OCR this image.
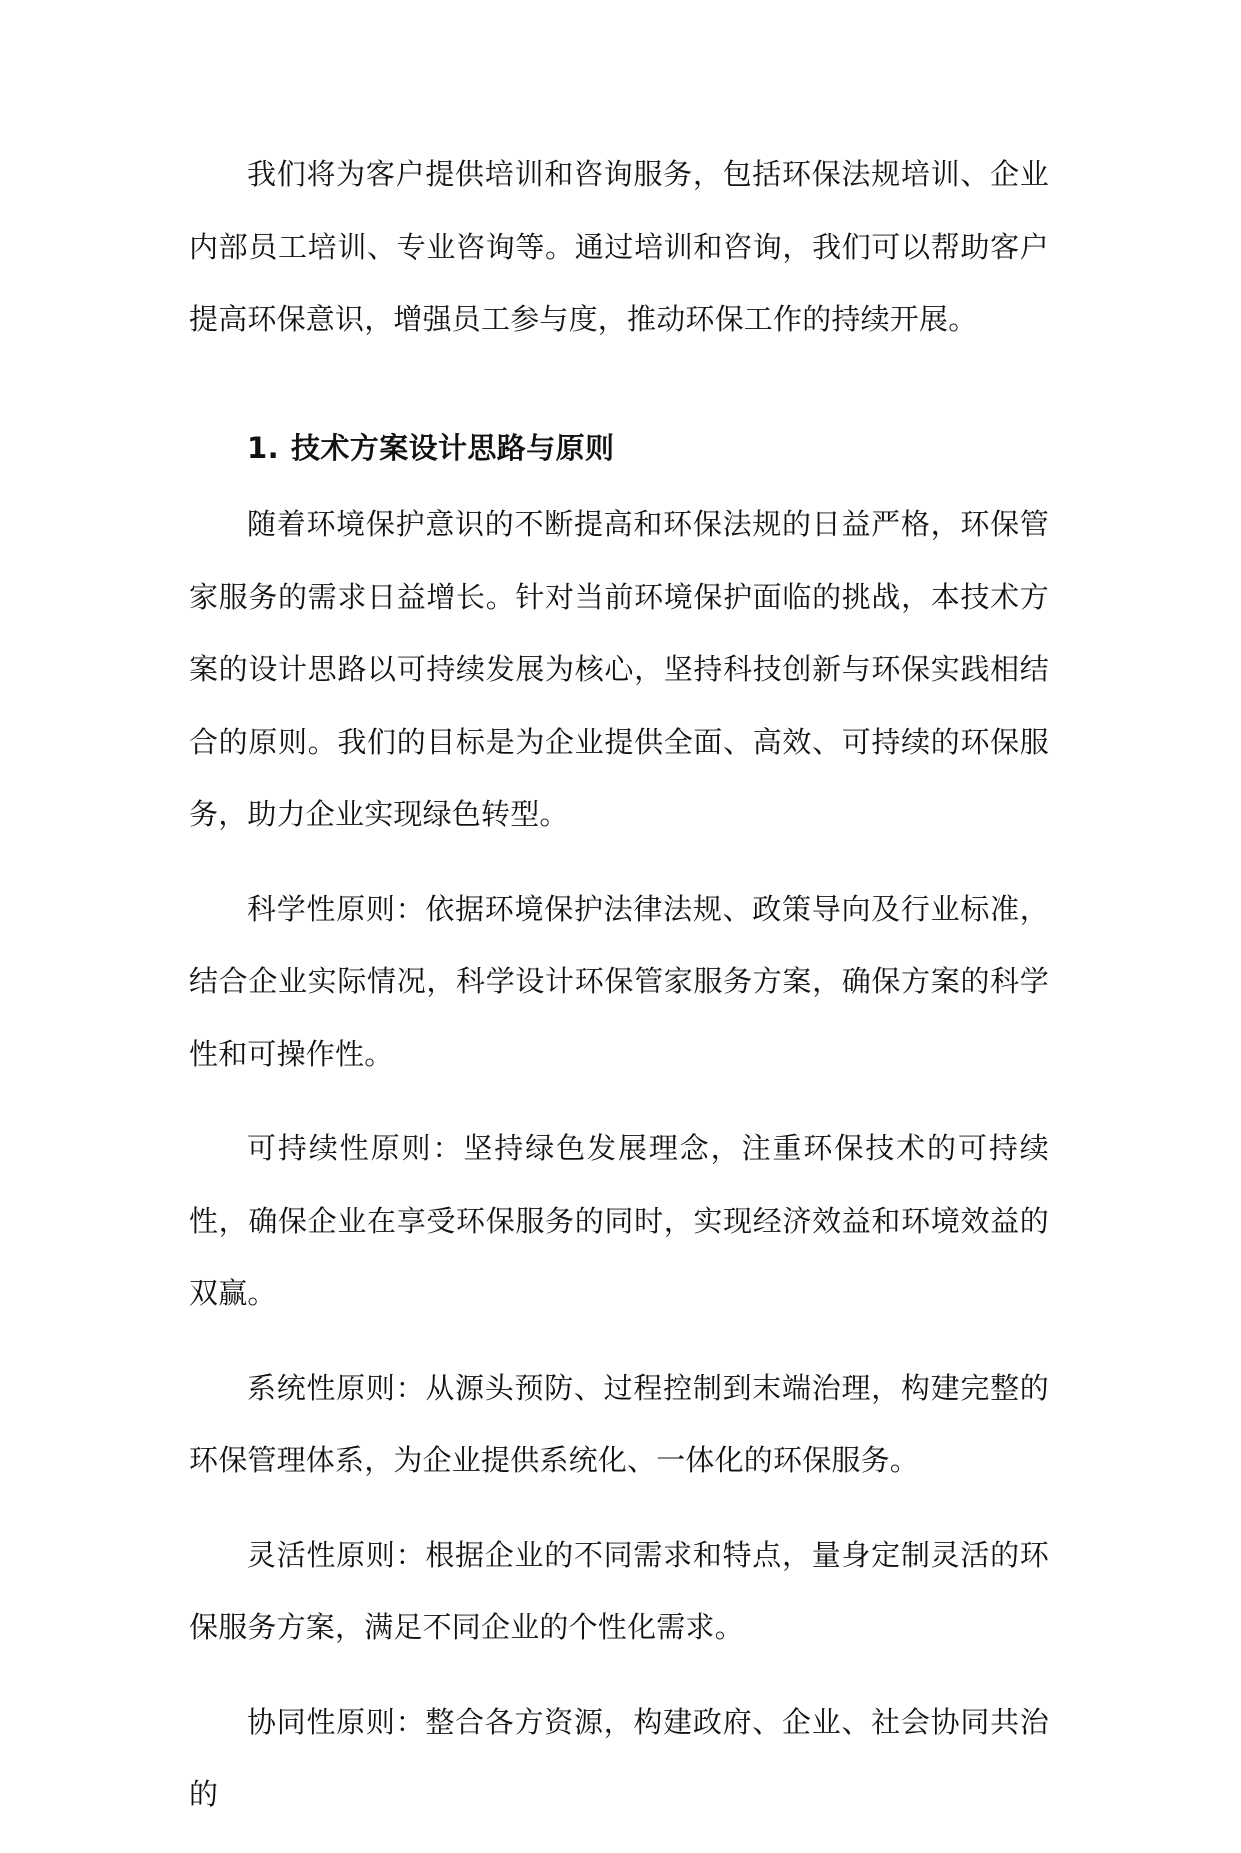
我们将为客户提供培训和咨询服务，包括环保法规培训、企业内部员工培训、专业咨询等。通过培训和咨询，我们可以帮助客户提高环保意识，增强员工参与度，推动环保工作的持续开展。

1. 技术方案设计思路与原则

随着环境保护意识的不断提高和环保法规的日益严格，环保管家服务的需求日益增长。针对当前环境保护面临的挑战，本技术方案的设计思路以可持续发展为核心，坚持科技创新与环保实践相结合的原则。我们的目标是为企业提供全面、高效、可持续的环保服务，助力企业实现绿色转型。

科学性原则：依据环境保护法律法规、政策导向及行业标准，结合企业实际情况，科学设计环保管家服务方案，确保方案的科学性和可操作性。

可持续性原则：坚持绿色发展理念，注重环保技术的可持续性，确保企业在享受环保服务的同时，实现经济效益和环境效益的双赢。

系统性原则：从源头预防、过程控制到末端治理，构建完整的环保管理体系，为企业提供系统化、一体化的环保服务。

灵活性原则：根据企业的不同需求和特点，量身定制灵活的环保服务方案，满足不同企业的个性化需求。

协同性原则：整合各方资源，构建政府、企业、社会协同共治的
